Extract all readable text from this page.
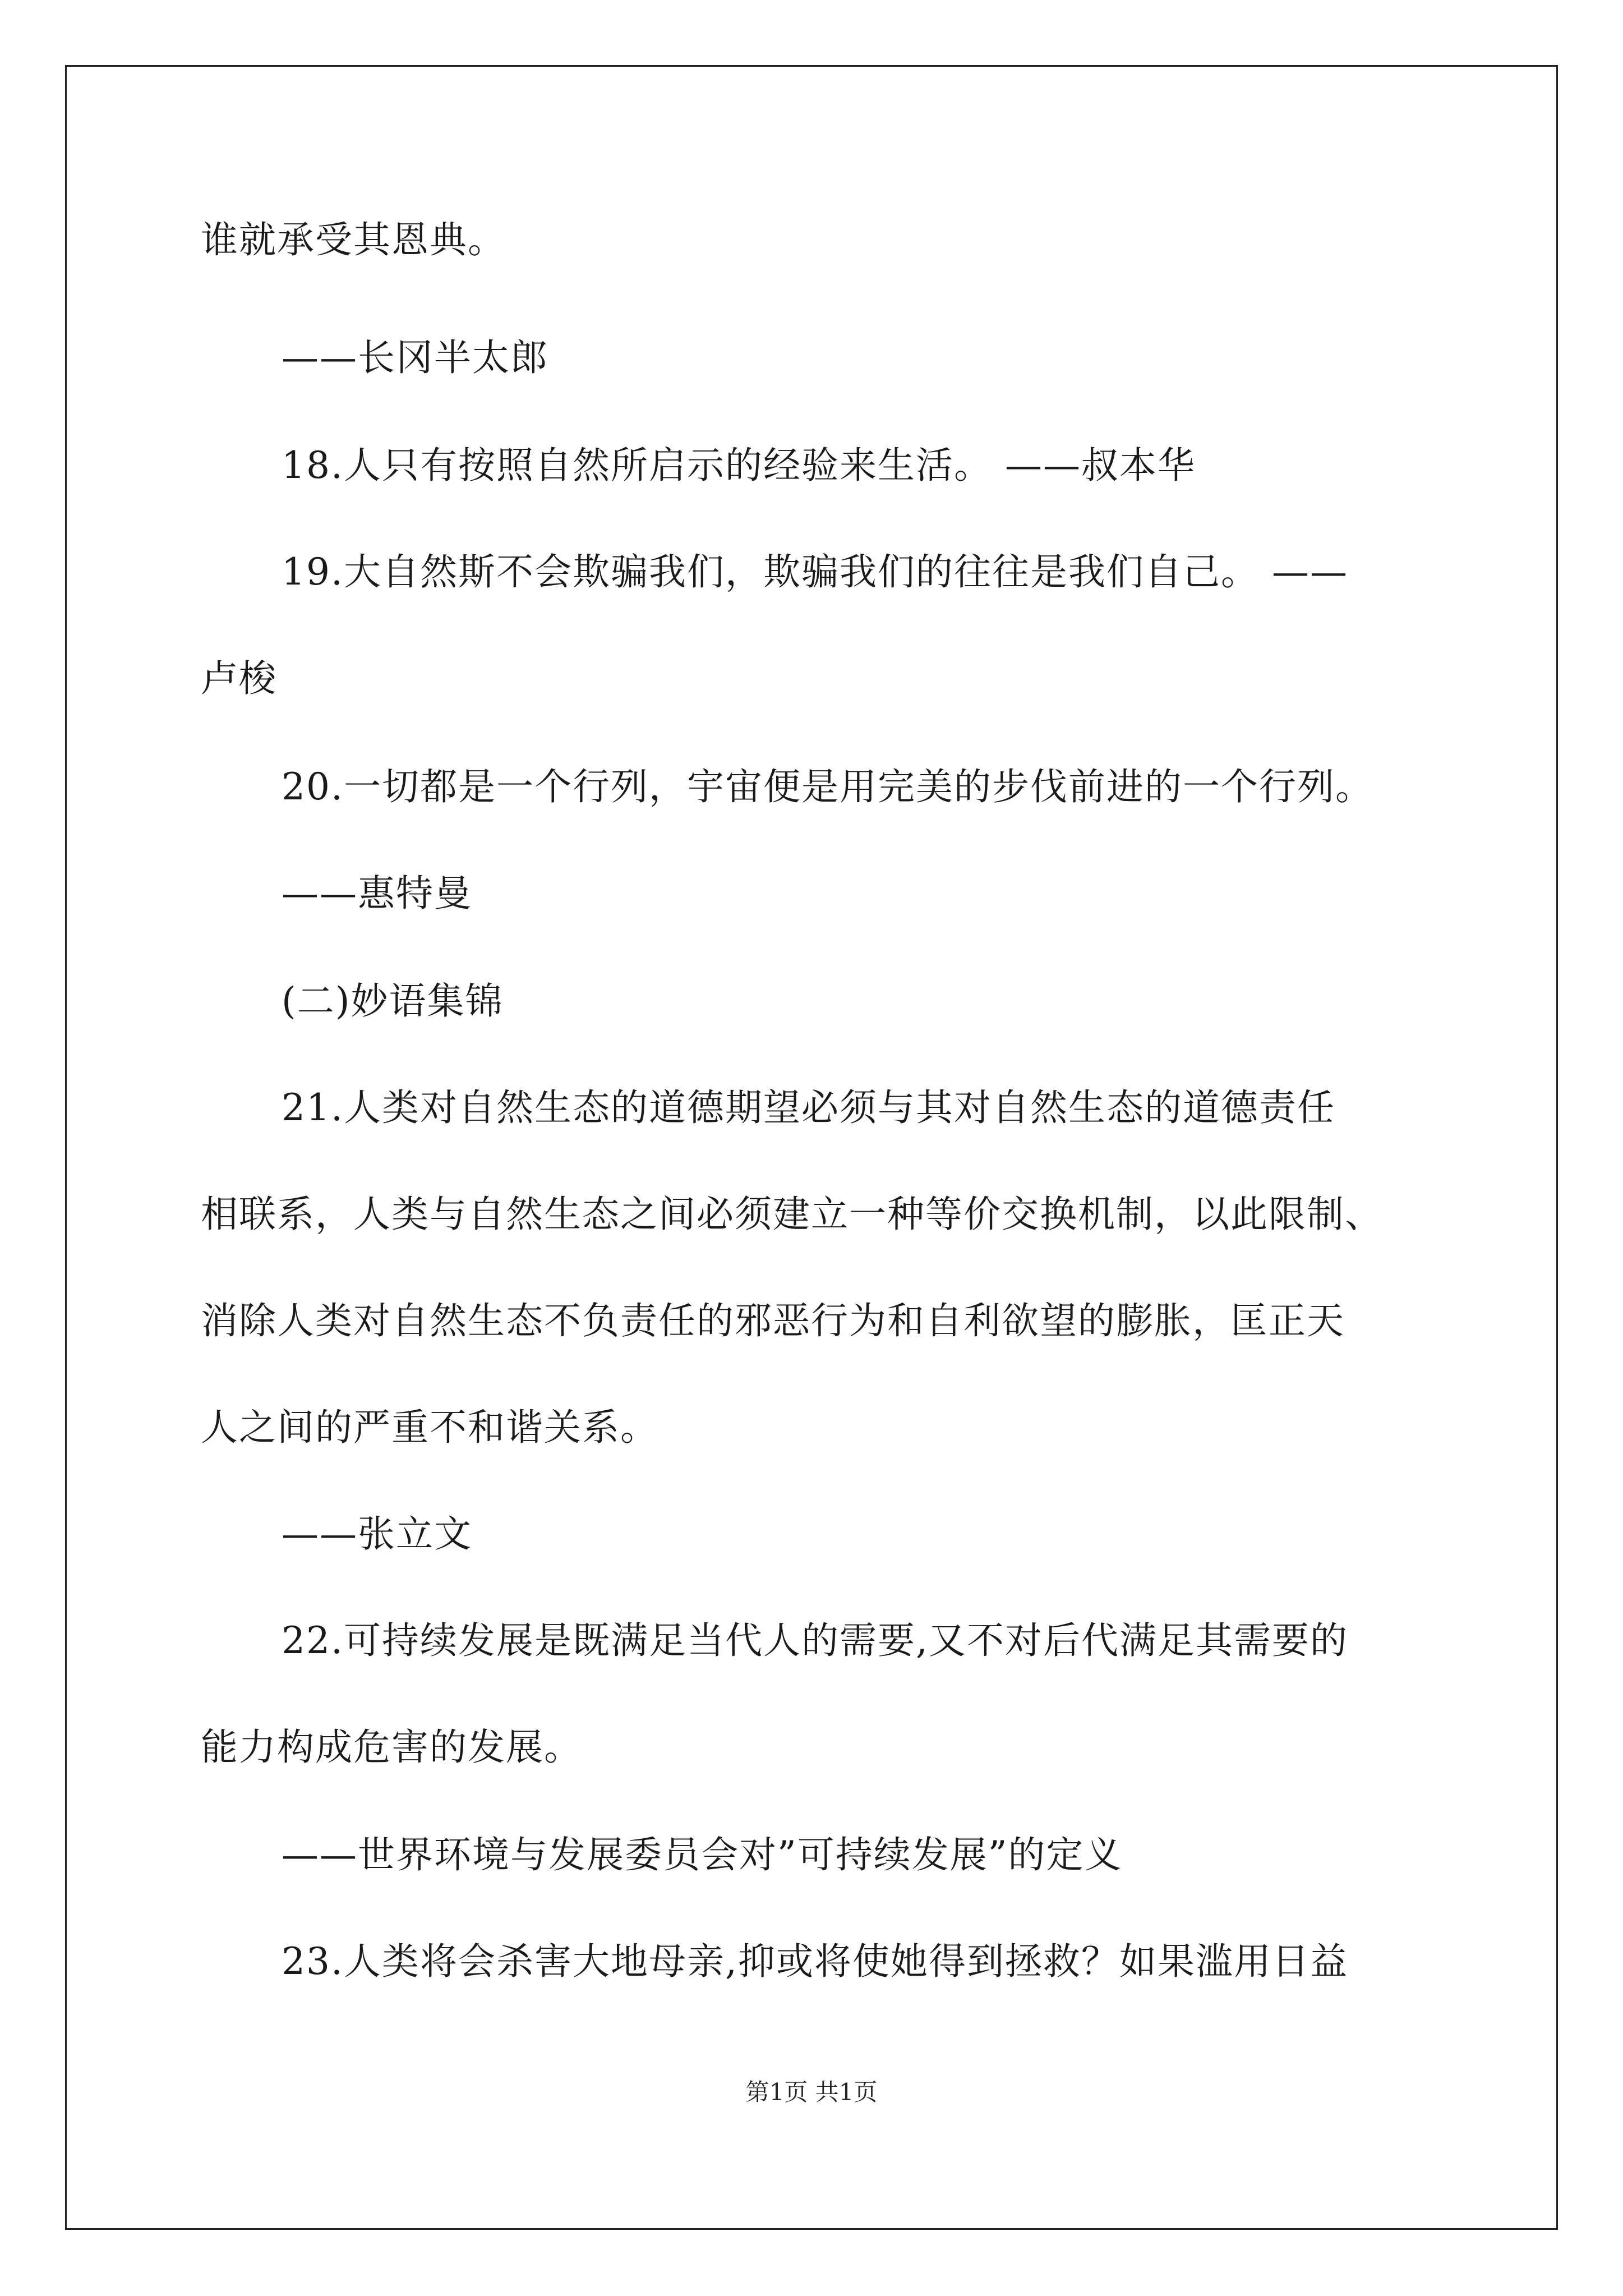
谁就承受其恩典。
——长冈半太郎
18.人只有按照自然所启示的经验来生活。 ——叔本华
19.大自然斯不会欺骗我们，欺骗我们的往往是我们自己。 ——
卢梭
20.一切都是一个行列，宇宙便是用完美的步伐前进的一个行列。
——惠特曼
(二)妙语集锦
21.人类对自然生态的道德期望必须与其对自然生态的道德责任
相联系，人类与自然生态之间必须建立一种等价交换机制，以此限制、
消除人类对自然生态不负责任的邪恶行为和自利欲望的膨胀，匡正天
人之间的严重不和谐关系。
——张立文
22.可持续发展是既满足当代人的需要,又不对后代满足其需要的
能力构成危害的发展。
——世界环境与发展委员会对”可持续发展”的定义
23.人类将会杀害大地母亲,抑或将使她得到拯救？如果滥用日益
第1页 共1页
